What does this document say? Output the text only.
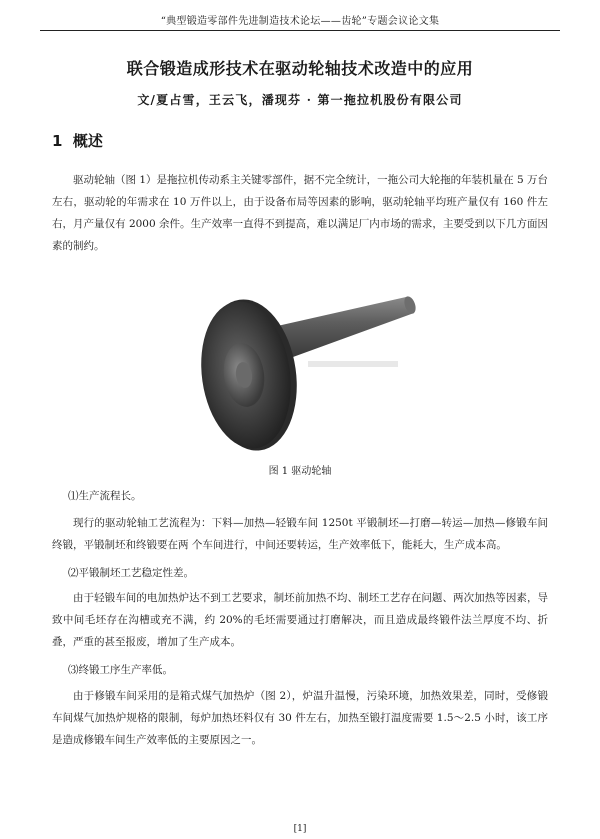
“典型锻造零部件先进制造技术论坛——齿轮”专题会议论文集
联合锻造成形技术在驱动轮轴技术改造中的应用
文/夏占雪，王云飞，潘现芬 · 第一拖拉机股份有限公司
1 概述

驱动轮轴（图 1）是拖拉机传动系主关键零部件，据不完全统计，一拖公司大轮拖的年装机量在 5 万台左右，驱动轮的年需求在 10 万件以上，由于设备布局等因素的影响，驱动轮轴平均班产量仅有 160 件左右，月产量仅有 2000 余件。生产效率一直得不到提高，难以满足厂内市场的需求，主要受到以下几方面因素的制约。

图 1 驱动轮轴
⑴生产流程长。

现行的驱动轮轴工艺流程为：下料—加热—轻锻车间 1250t 平锻制坯—打磨—转运—加热—修锻车间终锻，平锻制坯和终锻要在两 个车间进行，中间还要转运，生产效率低下，能耗大，生产成本高。

⑵平锻制坯工艺稳定性差。

由于轻锻车间的电加热炉达不到工艺要求，制坯前加热不均、制坯工艺存在问题、两次加热等因素，导致中间毛坯存在沟槽或充不满，约 20%的毛坯需要通过打磨解决，而且造成最终锻件法兰厚度不均、折叠，严重的甚至报废，增加了生产成本。

⑶终锻工序生产率低。

由于修锻车间采用的是箱式煤气加热炉（图 2），炉温升温慢，污染环境，加热效果差，同时，受修锻车间煤气加热炉规格的限制，每炉加热坯料仅有 30 件左右，加热至锻打温度需要 1.5～2.5 小时，该工序是造成修锻车间生产效率低的主要原因之一。

[1]
